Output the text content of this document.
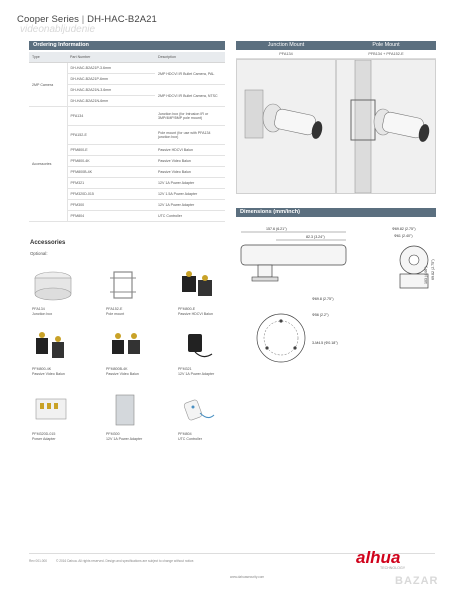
Cooper Series | DH-HAC-B2A21
videonabljudenie
Ordering Information
Type	Part Number	Description
2MP Camera	DH-HAC-B2A21P-3.6mm	2MP HDCVI IR Bullet Camera, PAL
	DH-HAC-B2A21P-6mm	
	DH-HAC-B2A21N-3.6mm	2MP HDCVI IR Bullet Camera, NTSC
	DH-HAC-B2A21N-6mm	
Accessories	PFA134	Junction box (for Intrusion IR or 3MP/4MP/5MP pole mount)
	PFA152-E	Pole mount (for use with PFA134 junction box)
	PFM800-E	Passive HDCVI Balun
	PFM800-4K	Passive Video Balun
	PFM800B-4K	Passive Video Balun
	PFM321	12V 1A Power Adapter
	PFM320D-015	12V 1.5A Power Adapter
	PFM300	12V 1A Power Adapter
	PFM804	UTC Controller
Junction Mount
PFA134
Pole Mount
PFB134 + PFA152-E
Dimensions (mm/inch)
157.6 (6.21")
82.3 (3.24")
Φ69.82 (2.75")
Φ61 (2.40")
69.82 (2.75")
103 (4.06")
Φ69.8 (2.75")
Φ56 (2.2")
3-M4.5 (Φ0.18")
Accessories
Optional:
PFA134
Junction box
PFA152-E
Pole mount
PFM800-E
Passive HDCVI Balun
PFM800-4K
Passive Video Balun
PFM800B-4K
Passive Video Balun
PFM321
12V 1A Power Adapter
PFM320D-015
Power Adapter
PFM300
12V 1A Power Adapter
PFM804
UTC Controller
Rev 001.000	© 2016 Dahua. All rights reserved. Design and specifications are subject to change without notice.
www.dahuasecurity.com
alhua
TECHNOLOGY
BAZAR
